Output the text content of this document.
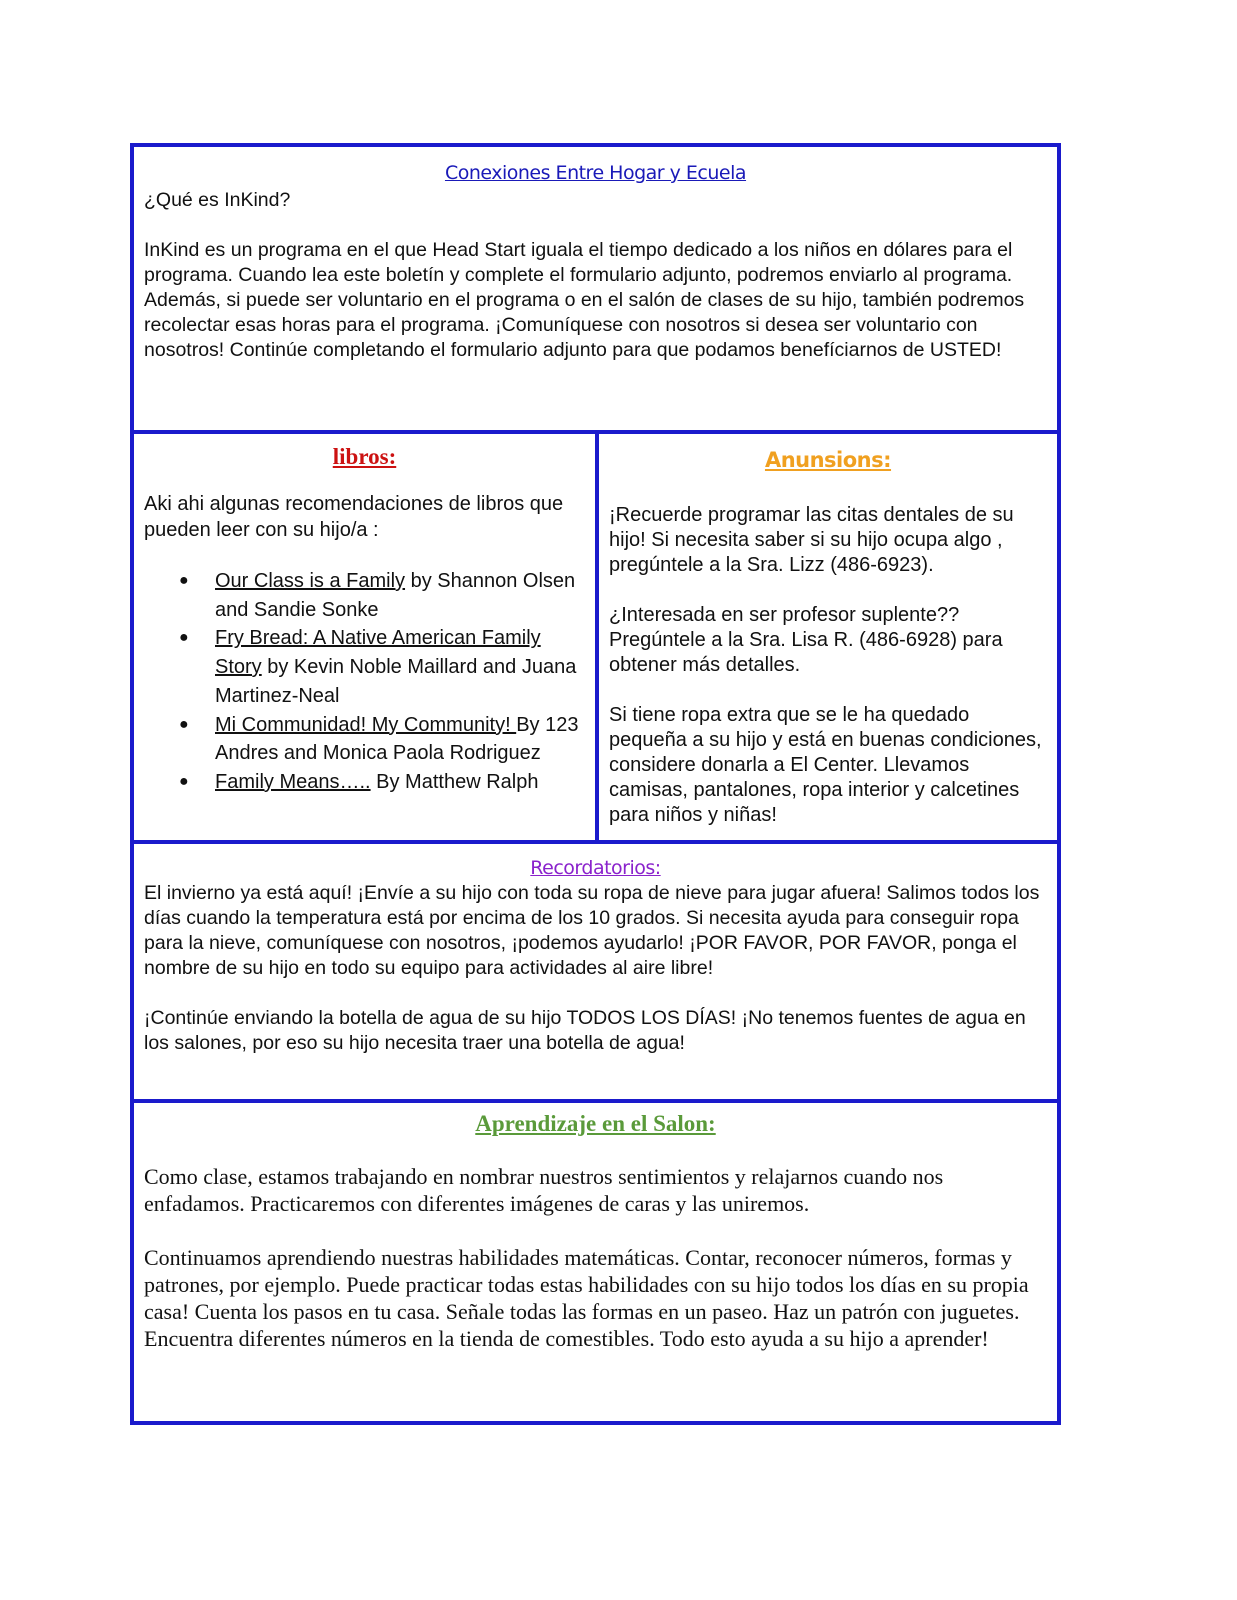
Conexiones Entre Hogar y Ecuela

¿Qué es InKind?

InKind es un programa en el que Head Start iguala el tiempo dedicado a los niños en dólares para el programa. Cuando lea este boletín y complete el formulario adjunto, podremos enviarlo al programa. Además, si puede ser voluntario en el programa o en el salón de clases de su hijo, también podremos recolectar esas horas para el programa. ¡Comuníquese con nosotros si desea ser voluntario con nosotros! Continúe completando el formulario adjunto para que podamos benefíciarnos de USTED!

libros:

Aki ahi algunas recomendaciones de libros que pueden leer con su hijo/a :

● Our Class is a Family by Shannon Olsen and Sandie Sonke
● Fry Bread: A Native American Family Story by Kevin Noble Maillard and Juana Martinez-Neal
● Mi Communidad! My Community! By 123 Andres and Monica Paola Rodriguez
● Family Means….. By Matthew Ralph
Anunsions:

¡Recuerde programar las citas dentales de su hijo! Si necesita saber si su hijo ocupa algo , pregúntele a la Sra. Lizz (486-6923).

¿Interesada en ser profesor suplente?? Pregúntele a la Sra. Lisa R. (486-6928) para obtener más detalles.

Si tiene ropa extra que se le ha quedado pequeña a su hijo y está en buenas condiciones, considere donarla a El Center. Llevamos camisas, pantalones, ropa interior y calcetines para niños y niñas!

Recordatorios:

El invierno ya está aquí! ¡Envíe a su hijo con toda su ropa de nieve para jugar afuera! Salimos todos los días cuando la temperatura está por encima de los 10 grados. Si necesita ayuda para conseguir ropa para la nieve, comuníquese con nosotros, ¡podemos ayudarlo! ¡POR FAVOR, POR FAVOR, ponga el nombre de su hijo en todo su equipo para actividades al aire libre!

¡Continúe enviando la botella de agua de su hijo TODOS LOS DÍAS! ¡No tenemos fuentes de agua en los salones, por eso su hijo necesita traer una botella de agua!

Aprendizaje en el Salon:

Como clase, estamos trabajando en nombrar nuestros sentimientos y relajarnos cuando nos enfadamos. Practicaremos con diferentes imágenes de caras y las uniremos.

Continuamos aprendiendo nuestras habilidades matemáticas. Contar, reconocer números, formas y patrones, por ejemplo. Puede practicar todas estas habilidades con su hijo todos los días en su propia casa! Cuenta los pasos en tu casa. Señale todas las formas en un paseo. Haz un patrón con juguetes. Encuentra diferentes números en la tienda de comestibles. Todo esto ayuda a su hijo a aprender!
